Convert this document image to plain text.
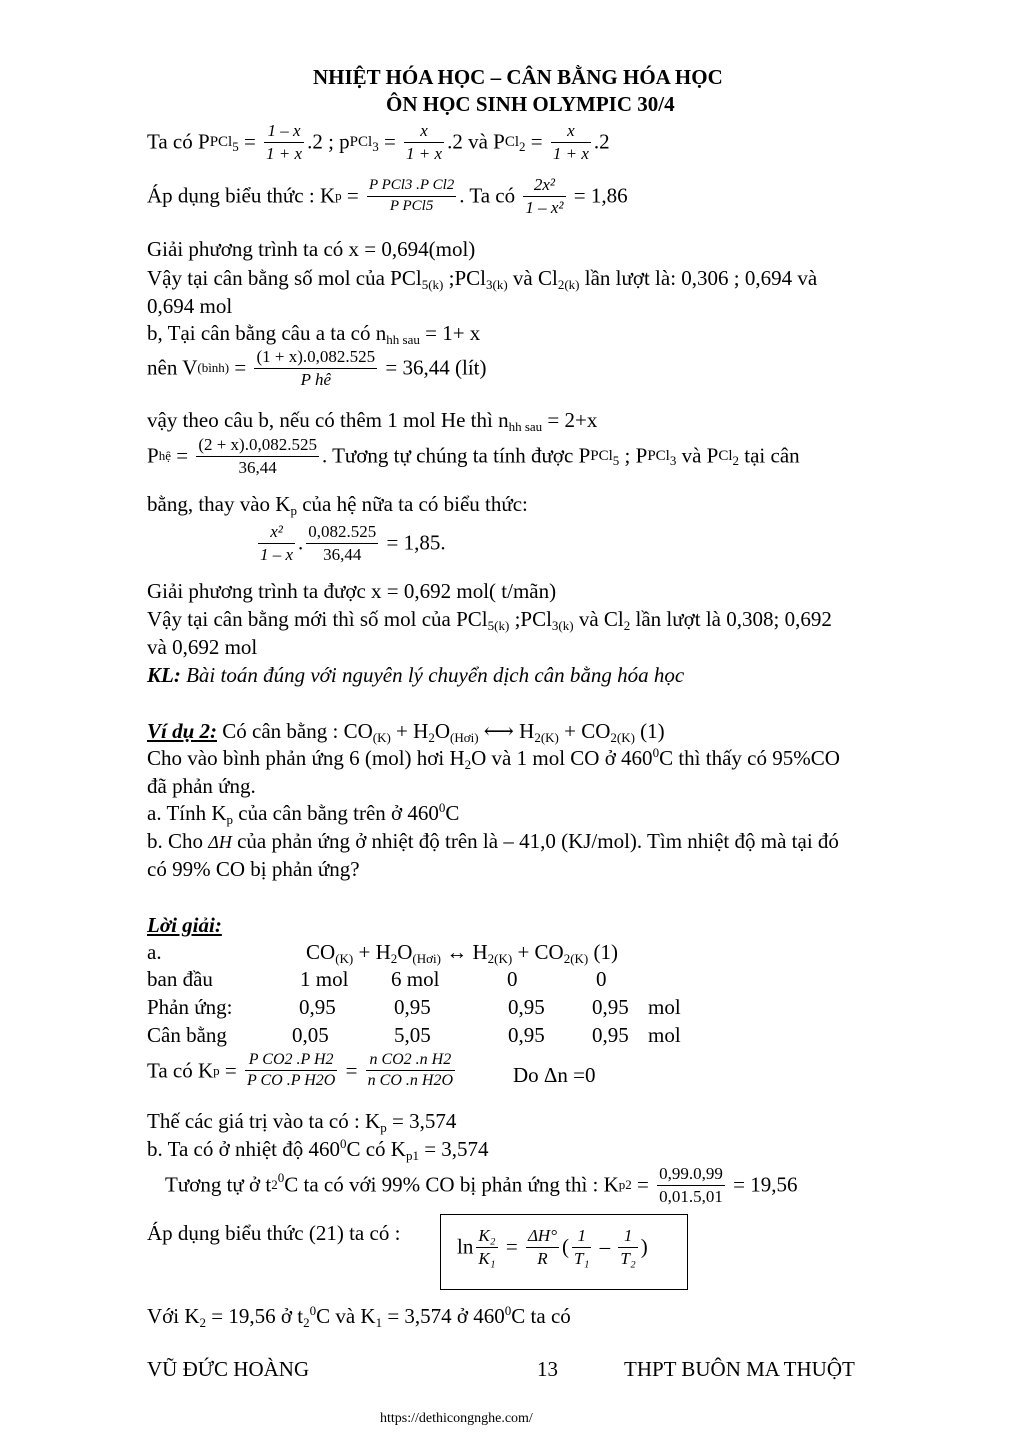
NHIỆT HÓA HỌC – CÂN BẰNG HÓA HỌC
ÔN HỌC SINH OLYMPIC 30/4
Ta có PPCl$_5$ = $\frac{1 - x}{1 + x} .2$ ; pPCl$_3$ = $\frac{x}{1 + x} .2$ và $PCl_2 = \frac{x}{1 + x} .2$
Áp dụng biểu thức : Kp = P PCl3 .P Cl2
P PCl5	. Ta có $\frac{\text{2x²}}{\text{1 – x²}} = 1,86$
Giải phương trình ta có x = 0,694(mol)
Vậy tại cân bằng số mol của PCl$_{5(k)}$ ;PCl$_{3(k)}$ và $Cl_{2(k)}$ lần lượt là: 0,306 ; 0,694 và
0,694 mol
b, Tại cân bằng câu a ta có $n_{hh sau} = 1+ x$
nên V(bình) = $\frac{(1 + x).0,082.525}{\text{P hê}} = 36,44$ (lít)
vậy theo câu b, nếu có thêm 1 mol He thì $n_{hh sau} = 2+x$
Phệ = $\frac{(2 + x).0,082.525}{36,44}$ . Tương tự chúng ta tính được PPCl$_5$ ; PPCl$_3$ và PCl$_2$ tại cân
bằng, thay vào $K_p$ của hệ nữa ta có biểu thức:
$\frac{\text{x²}}{1 - x}$ . $\frac{0,082.525}{36,44} = 1,85$.
Giải phương trình ta được x = 0,692 mol( t/mãn)
Vậy tại cân bằng mới thì số mol của PCl$_{5(k)}$ ;PCl$_{3(k)}$ và $Cl_2$ lần lượt là 0,308; 0,692
và 0,692 mol
KL: Bài toán đúng với nguyên lý chuyển dịch cân bằng hóa học
Ví dụ 2: Có cân bằng : $CO_{(K)} + H_2O_{(Hơi)}$ ⟷ $H_{2(K)} + CO_{2(K)}$ (1)
Cho vào bình phản ứng 6 (mol) hơi $H_2O$ và 1 mol CO ở $460^0C$ thì thấy có 95%CO
đã phản ứng.
a. Tính $K_p$ của cân bằng trên ở $460^0C$
b. Cho ΔH của phản ứng ở nhiệt độ trên là – 41,0 (KJ/mol). Tìm nhiệt độ mà tại đó
có 99% CO bị phản ứng?
Lời giải:
a.	$CO_{(K)} + H_2O_{(Hơi)}$ ↔ $H_{2(K)} + CO_{2(K)}$ (1)
ban đầu	1 mol 6 mol	0	0
Phản ứng:	0,95	0,95	0,95 0,95 mol
Cân bằng	0,05	5,05	0,95 0,95 mol
Ta có $Kp = \frac{\text{P CO2 .P H2}}{\text{P CO .P H2O}} = \frac{\text{n CO2 .n H2}}{\text{n CO .n H2O}}$	Do Δn =0
Thế các giá trị vào ta có : $K_p = 3,574$
b. Ta có ở nhiệt độ $460^0C$ có $K_{p1} = 3,574$
Tương tự ở $t2^0C$ ta có với 99% CO bị phản ứng thì : $Kp2 = \frac{0,99.0,99}{0,01.5,01} = 19,56$
Áp dụng biểu thức (21) ta có :
$\ln \frac{\text{K₂}}{\text{K₁}} = \frac{\Delta H^\circ}{R}$ ( $\frac{1}{\text{T₁}} - \frac{1}{\text{T₂}}$ )
Với $K_2 = 19,56$ ở $t_2^0C$ và $K_1 = 3,574$ ở $460^0C$ ta có
VŨ ĐỨC HOÀNG	13	THPT BUÔN MA THUỘT
https://dethicongnghe.com/
